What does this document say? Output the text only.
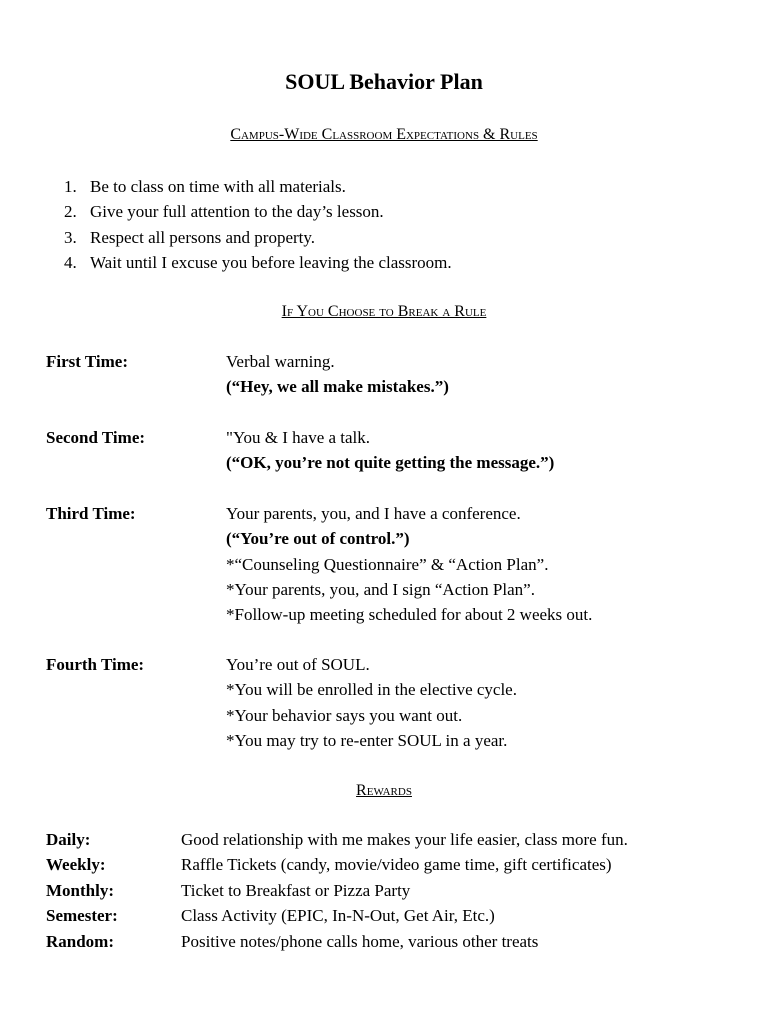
SOUL Behavior Plan
Campus-Wide Classroom Expectations & Rules
1. Be to class on time with all materials.
2. Give your full attention to the day’s lesson.
3. Respect all persons and property.
4. Wait until I excuse you before leaving the classroom.
If You Choose to Break a Rule
First Time:	Verbal warning.
(“Hey, we all make mistakes.”)
Second Time:	"You & I have a talk.
(“OK, you’re not quite getting the message.”)
Third Time:	Your parents, you, and I have a conference.
(“You’re out of control.”)
*“Counseling Questionnaire” & “Action Plan”.
*Your parents, you, and I sign “Action Plan”.
*Follow-up meeting scheduled for about 2 weeks out.
Fourth Time:	You’re out of SOUL.
*You will be enrolled in the elective cycle.
*Your behavior says you want out.
*You may try to re-enter SOUL in a year.
Rewards
Daily:	Good relationship with me makes your life easier, class more fun.
Weekly:	Raffle Tickets (candy, movie/video game time, gift certificates)
Monthly:	Ticket to Breakfast or Pizza Party
Semester:	Class Activity (EPIC, In-N-Out, Get Air, Etc.)
Random:	Positive notes/phone calls home, various other treats
